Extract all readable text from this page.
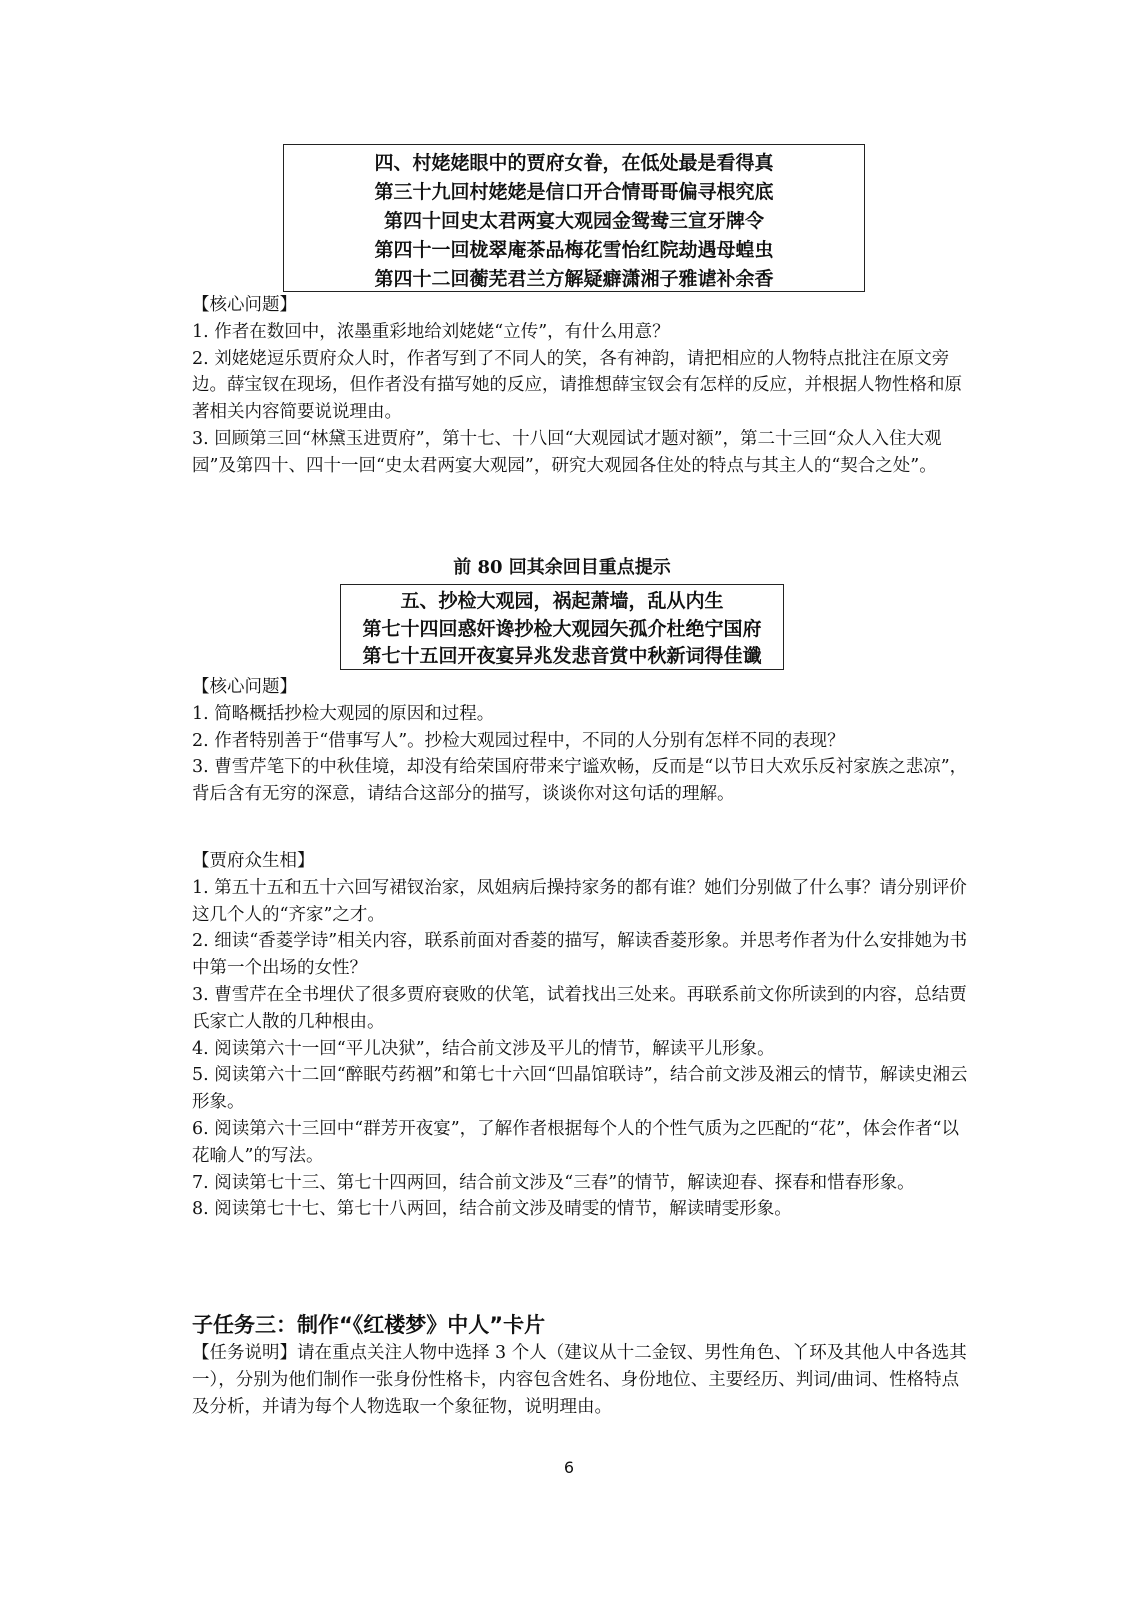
四、村姥姥眼中的贾府女眷，在低处最是看得真
第三十九回村姥姥是信口开合情哥哥偏寻根究底
第四十回史太君两宴大观园金鸳鸯三宣牙牌令
第四十一回栊翠庵茶品梅花雪怡红院劫遇母蝗虫
第四十二回蘅芜君兰方解疑癖潇湘子雅谑补余香

【核心问题】

1. 作者在数回中，浓墨重彩地给刘姥姥“立传”，有什么用意？

2. 刘姥姥逗乐贾府众人时，作者写到了不同人的笑，各有神韵，请把相应的人物特点批注在原文旁边。薛宝钗在现场，但作者没有描写她的反应，请推想薛宝钗会有怎样的反应，并根据人物性格和原著相关内容简要说说理由。

3. 回顾第三回“林黛玉进贾府”，第十七、十八回“大观园试才题对额”，第二十三回“众人入住大观园”及第四十、四十一回“史太君两宴大观园”，研究大观园各住处的特点与其主人的“契合之处”。

前 80 回其余回目重点提示
五、抄检大观园，祸起萧墙，乱从内生
第七十四回惑奸谗抄检大观园矢孤介杜绝宁国府
第七十五回开夜宴异兆发悲音赏中秋新词得佳谶

【核心问题】

1. 简略概括抄检大观园的原因和过程。

2. 作者特别善于“借事写人”。抄检大观园过程中，不同的人分别有怎样不同的表现？

3. 曹雪芹笔下的中秋佳境，却没有给荣国府带来宁谧欢畅，反而是“以节日大欢乐反衬家族之悲凉”，背后含有无穷的深意，请结合这部分的描写，谈谈你对这句话的理解。

【贾府众生相】

1. 第五十五和五十六回写裙钗治家，凤姐病后操持家务的都有谁？她们分别做了什么事？请分别评价这几个人的“齐家”之才。

2. 细读“香菱学诗”相关内容，联系前面对香菱的描写，解读香菱形象。并思考作者为什么安排她为书中第一个出场的女性？

3. 曹雪芹在全书埋伏了很多贾府衰败的伏笔，试着找出三处来。再联系前文你所读到的内容，总结贾氏家亡人散的几种根由。

4. 阅读第六十一回“平儿决狱”，结合前文涉及平儿的情节，解读平儿形象。

5. 阅读第六十二回“醉眠芍药裀”和第七十六回“凹晶馆联诗”，结合前文涉及湘云的情节，解读史湘云形象。

6. 阅读第六十三回中“群芳开夜宴”，了解作者根据每个人的个性气质为之匹配的“花”，体会作者“以花喻人”的写法。

7. 阅读第七十三、第七十四两回，结合前文涉及“三春”的情节，解读迎春、探春和惜春形象。

8. 阅读第七十七、第七十八两回，结合前文涉及晴雯的情节，解读晴雯形象。

子任务三：制作“《红楼梦》中人”卡片
【任务说明】请在重点关注人物中选择 3 个人（建议从十二金钗、男性角色、丫环及其他人中各选其一），分别为他们制作一张身份性格卡，内容包含姓名、身份地位、主要经历、判词/曲词、性格特点及分析，并请为每个人物选取一个象征物，说明理由。
6
